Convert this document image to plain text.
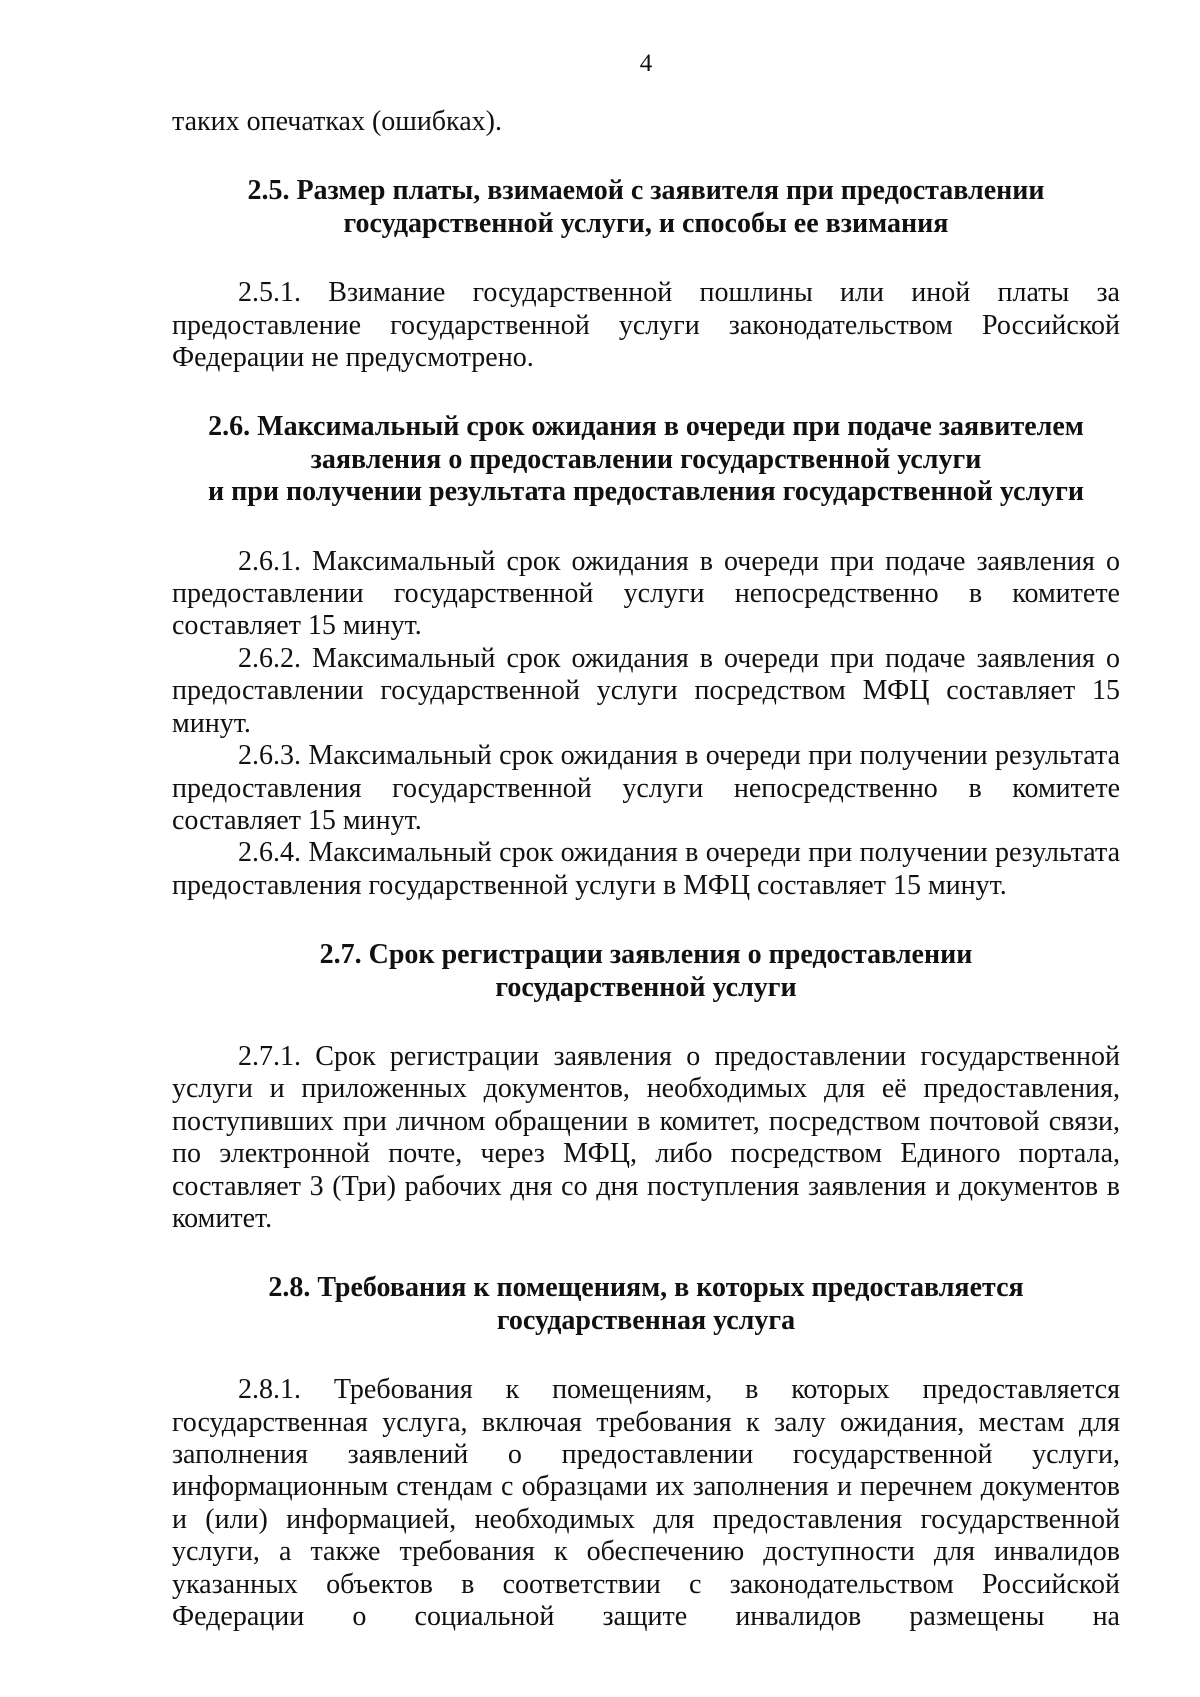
4

таких опечатках (ошибках).

2.5. Размер платы, взимаемой с заявителя при предоставлении
государственной услуги, и способы ее взимания

2.5.1. Взимание государственной пошлины или иной платы за предоставление государственной услуги законодательством Российской Федерации не предусмотрено.

2.6. Максимальный срок ожидания в очереди при подаче заявителем
заявления о предоставлении государственной услуги
и при получении результата предоставления государственной услуги

2.6.1. Максимальный срок ожидания в очереди при подаче заявления о предоставлении государственной услуги непосредственно в комитете составляет 15 минут.

2.6.2. Максимальный срок ожидания в очереди при подаче заявления о предоставлении государственной услуги посредством МФЦ составляет 15 минут.

2.6.3. Максимальный срок ожидания в очереди при получении результата предоставления государственной услуги непосредственно в комитете составляет 15 минут.

2.6.4. Максимальный срок ожидания в очереди при получении результата предоставления государственной услуги в МФЦ составляет 15 минут.

2.7. Срок регистрации заявления о предоставлении
государственной услуги

2.7.1. Срок регистрации заявления о предоставлении государственной услуги и приложенных документов, необходимых для её предоставления, поступивших при личном обращении в комитет, посредством почтовой связи, по электронной почте, через МФЦ, либо посредством Единого портала, составляет 3 (Три) рабочих дня со дня поступления заявления и документов в комитет.

2.8. Требования к помещениям, в которых предоставляется
государственная услуга

2.8.1. Требования к помещениям, в которых предоставляется государственная услуга, включая требования к залу ожидания, местам для заполнения заявлений о предоставлении государственной услуги, информационным стендам с образцами их заполнения и перечнем документов и (или) информацией, необходимых для предоставления государственной услуги, а также требования к обеспечению доступности для инвалидов указанных объектов в соответствии с законодательством Российской Федерации о социальной защите инвалидов размещены на
